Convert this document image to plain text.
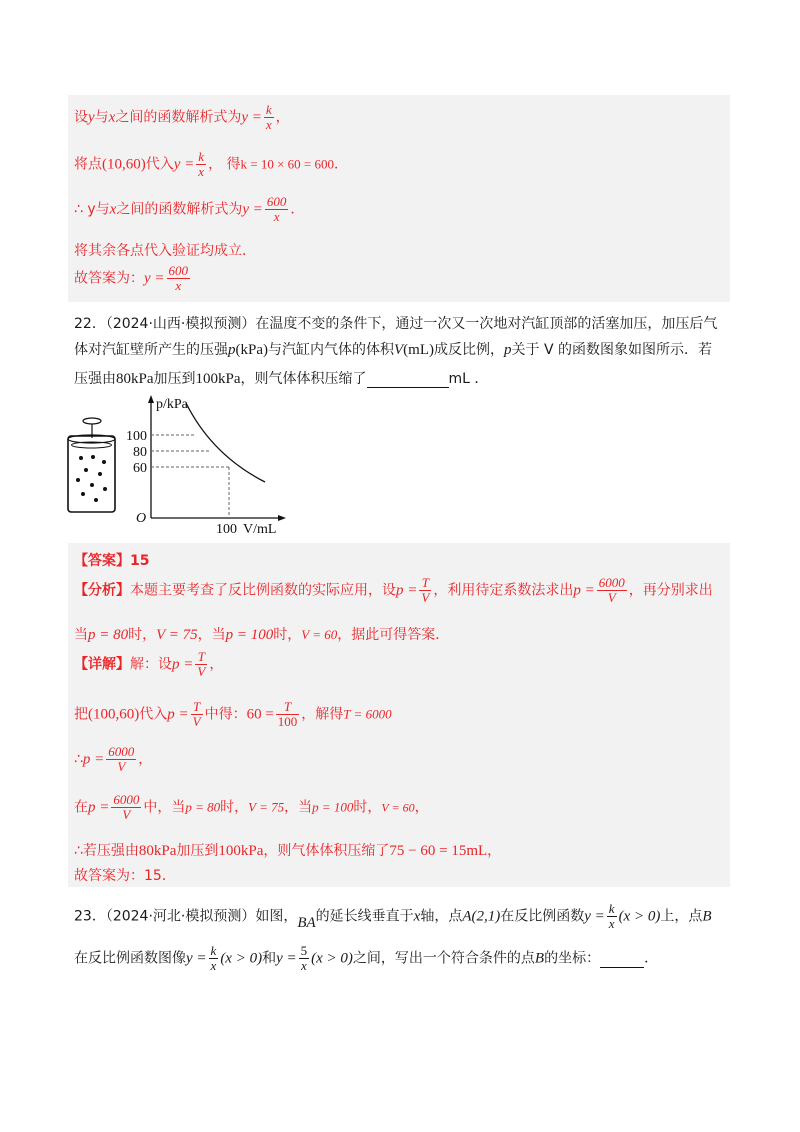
设y与x之间的函数解析式为$y = \frac{k}{x}$ ，
将点(10,60)代入$y = \frac{k}{x}$ ， 得k = 10 × 60 = 600．
∴ y与x之间的函数解析式为$y = \frac{600}{x}$ ．
将其余各点代入验证均成立．
故答案为：$y = \frac{600}{x}$
22．（2024·山西·模拟预测）在温度不变的条件下，通过一次又一次地对汽缸顶部的活塞加压，加压后气
体对汽缸壁所产生的压强p(kPa)与汽缸内气体的体积V(mL)成反比例，p关于 V 的函数图象如图所示．若
压强由80kPa加压到100kPa，则气体体积压缩了	mL ．
p/kPa
100
80
60
O
100 V/mL
【答案】15
【分析】本题主要考查了反比例函数的实际应用，设$p = \frac{T}{V}$ ，利用待定系数法求出$p = \frac{6000}{V}$ ，再分别求出
当p = 80时，V = 75，当p = 100时，V = 60，据此可得答案．
【详解】解：设$p = \frac{T}{V}$ ，
把(100,60)代入$p = \frac{T}{V}$ 中得：$60 = \frac{T}{100}$ ，解得T = 6000
∴p = $\frac{6000}{V}$ ，
在$p = \frac{6000}{V}$ 中，当p = 80时，V = 75，当p = 100时，V = 60，
∴若压强由80kPa加压到100kPa，则气体体积压缩了75 − 60 = 15mL，
故答案为：15．
23．（2024·河北·模拟预测）如图，BA的延长线垂直于x轴，点A(2,1)在反比例函数$y = \frac{k}{x} (x > 0)$上，点B
在反比例函数图像$y = \frac{k}{x} (x > 0)$和$y = \frac{5}{x} (x > 0)$之间，写出一个符合条件的点B的坐标：	．
